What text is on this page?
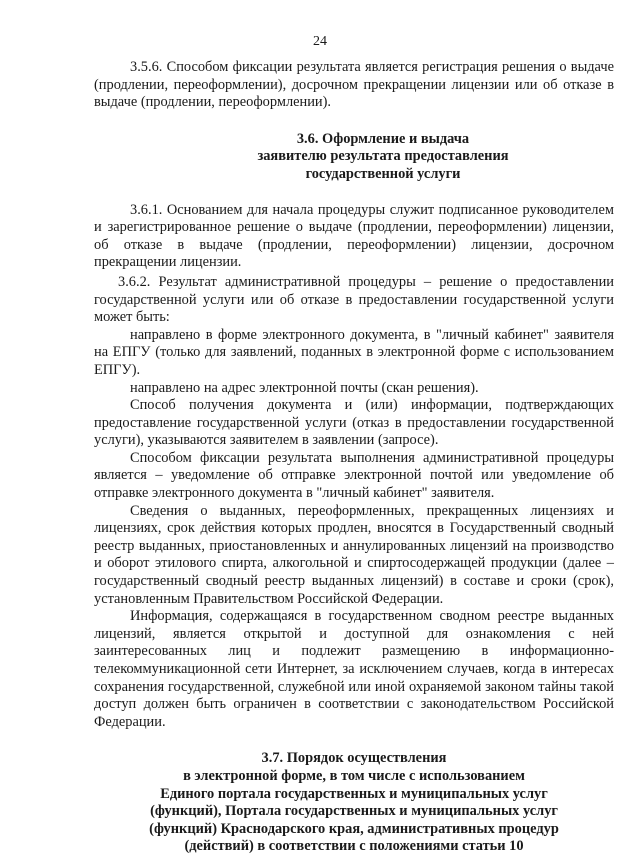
24

3.5.6. Способом фиксации результата является регистрация решения о выдаче (продлении, переоформлении), досрочном прекращении лицензии или об отказе в выдаче (продлении, переоформлении).

3.6. Оформление и выдача

заявителю результата предоставления

государственной услуги

3.6.1. Основанием для начала процедуры служит подписанное руководителем и зарегистрированное решение о выдаче (продлении, переоформлении) лицензии, об отказе в выдаче (продлении, переоформлении) лицензии, досрочном прекращении лицензии.

3.6.2. Результат административной процедуры – решение о предоставлении государственной услуги или об отказе в предоставлении государственной услуги может быть:

направлено в форме электронного документа, в "личный кабинет" заявителя на ЕПГУ (только для заявлений, поданных в электронной форме с использованием ЕПГУ).

направлено на адрес электронной почты (скан решения).

Способ получения документа и (или) информации, подтверждающих предоставление государственной услуги (отказ в предоставлении государственной услуги), указываются заявителем в заявлении (запросе).

Способом фиксации результата выполнения административной процедуры является – уведомление об отправке электронной почтой или уведомление об отправке электронного документа в "личный кабинет" заявителя.

Сведения о выданных, переоформленных, прекращенных лицензиях и лицензиях, срок действия которых продлен, вносятся в Государственный сводный реестр выданных, приостановленных и аннулированных лицензий на производство и оборот этилового спирта, алкогольной и спиртосодержащей продукции (далее – государственный сводный реестр выданных лицензий) в составе и сроки (срок), установленным Правительством Российской Федерации.

Информация, содержащаяся в государственном сводном реестре выданных лицензий, является открытой и доступной для ознакомления с ней заинтересованных лиц и подлежит размещению в информационно-телекоммуникационной сети Интернет, за исключением случаев, когда в интересах сохранения государственной, служебной или иной охраняемой законом тайны такой доступ должен быть ограничен в соответствии с законодательством Российской Федерации.

3.7. Порядок осуществления

в электронной форме, в том числе с использованием

Единого портала государственных и муниципальных услуг

(функций), Портала государственных и муниципальных услуг

(функций) Краснодарского края, административных процедур

(действий) в соответствии с положениями статьи 10
